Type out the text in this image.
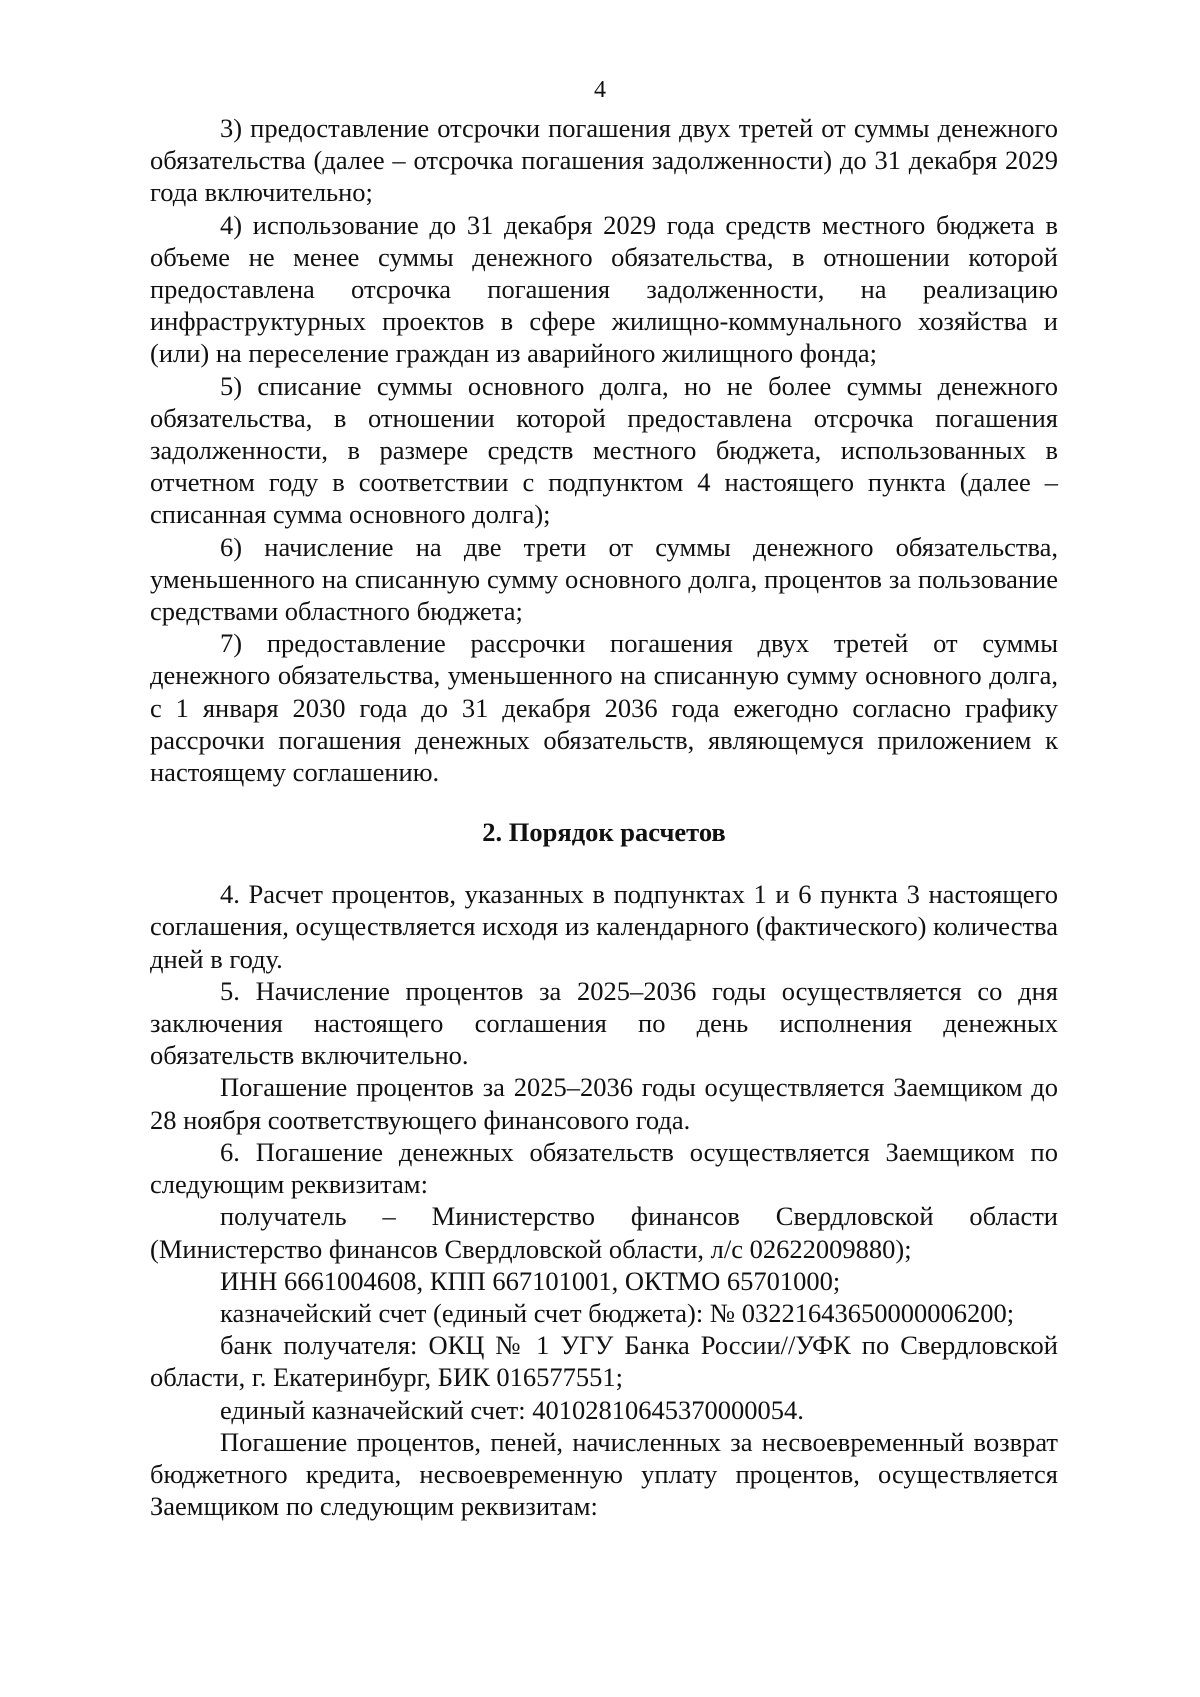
4

3) предоставление отсрочки погашения двух третей от суммы денежного обязательства (далее – отсрочка погашения задолженности) до 31 декабря 2029 года включительно;

4) использование до 31 декабря 2029 года средств местного бюджета в объеме не менее суммы денежного обязательства, в отношении которой предоставлена отсрочка погашения задолженности, на реализацию инфраструктурных проектов в сфере жилищно-коммунального хозяйства и (или) на переселение граждан из аварийного жилищного фонда;

5) списание суммы основного долга, но не более суммы денежного обязательства, в отношении которой предоставлена отсрочка погашения задолженности, в размере средств местного бюджета, использованных в отчетном году в соответствии с подпунктом 4 настоящего пункта (далее – списанная сумма основного долга);

6) начисление на две трети от суммы денежного обязательства, уменьшенного на списанную сумму основного долга, процентов за пользование средствами областного бюджета;

7) предоставление рассрочки погашения двух третей от суммы денежного обязательства, уменьшенного на списанную сумму основного долга, с 1 января 2030 года до 31 декабря 2036 года ежегодно согласно графику рассрочки погашения денежных обязательств, являющемуся приложением к настоящему соглашению.

2. Порядок расчетов

4. Расчет процентов, указанных в подпунктах 1 и 6 пункта 3 настоящего соглашения, осуществляется исходя из календарного (фактического) количества дней в году.

5. Начисление процентов за 2025–2036 годы осуществляется со дня заключения настоящего соглашения по день исполнения денежных обязательств включительно.

Погашение процентов за 2025–2036 годы осуществляется Заемщиком до 28 ноября соответствующего финансового года.

6. Погашение денежных обязательств осуществляется Заемщиком по следующим реквизитам:

получатель – Министерство финансов Свердловской области (Министерство финансов Свердловской области, л/с 02622009880);

ИНН 6661004608, КПП 667101001, ОКТМО 65701000;

казначейский счет (единый счет бюджета): № 03221643650000006200;

банк получателя: ОКЦ № 1 УГУ Банка России//УФК по Свердловской области, г. Екатеринбург, БИК 016577551;

единый казначейский счет: 40102810645370000054.

Погашение процентов, пеней, начисленных за несвоевременный возврат бюджетного кредита, несвоевременную уплату процентов, осуществляется Заемщиком по следующим реквизитам:
